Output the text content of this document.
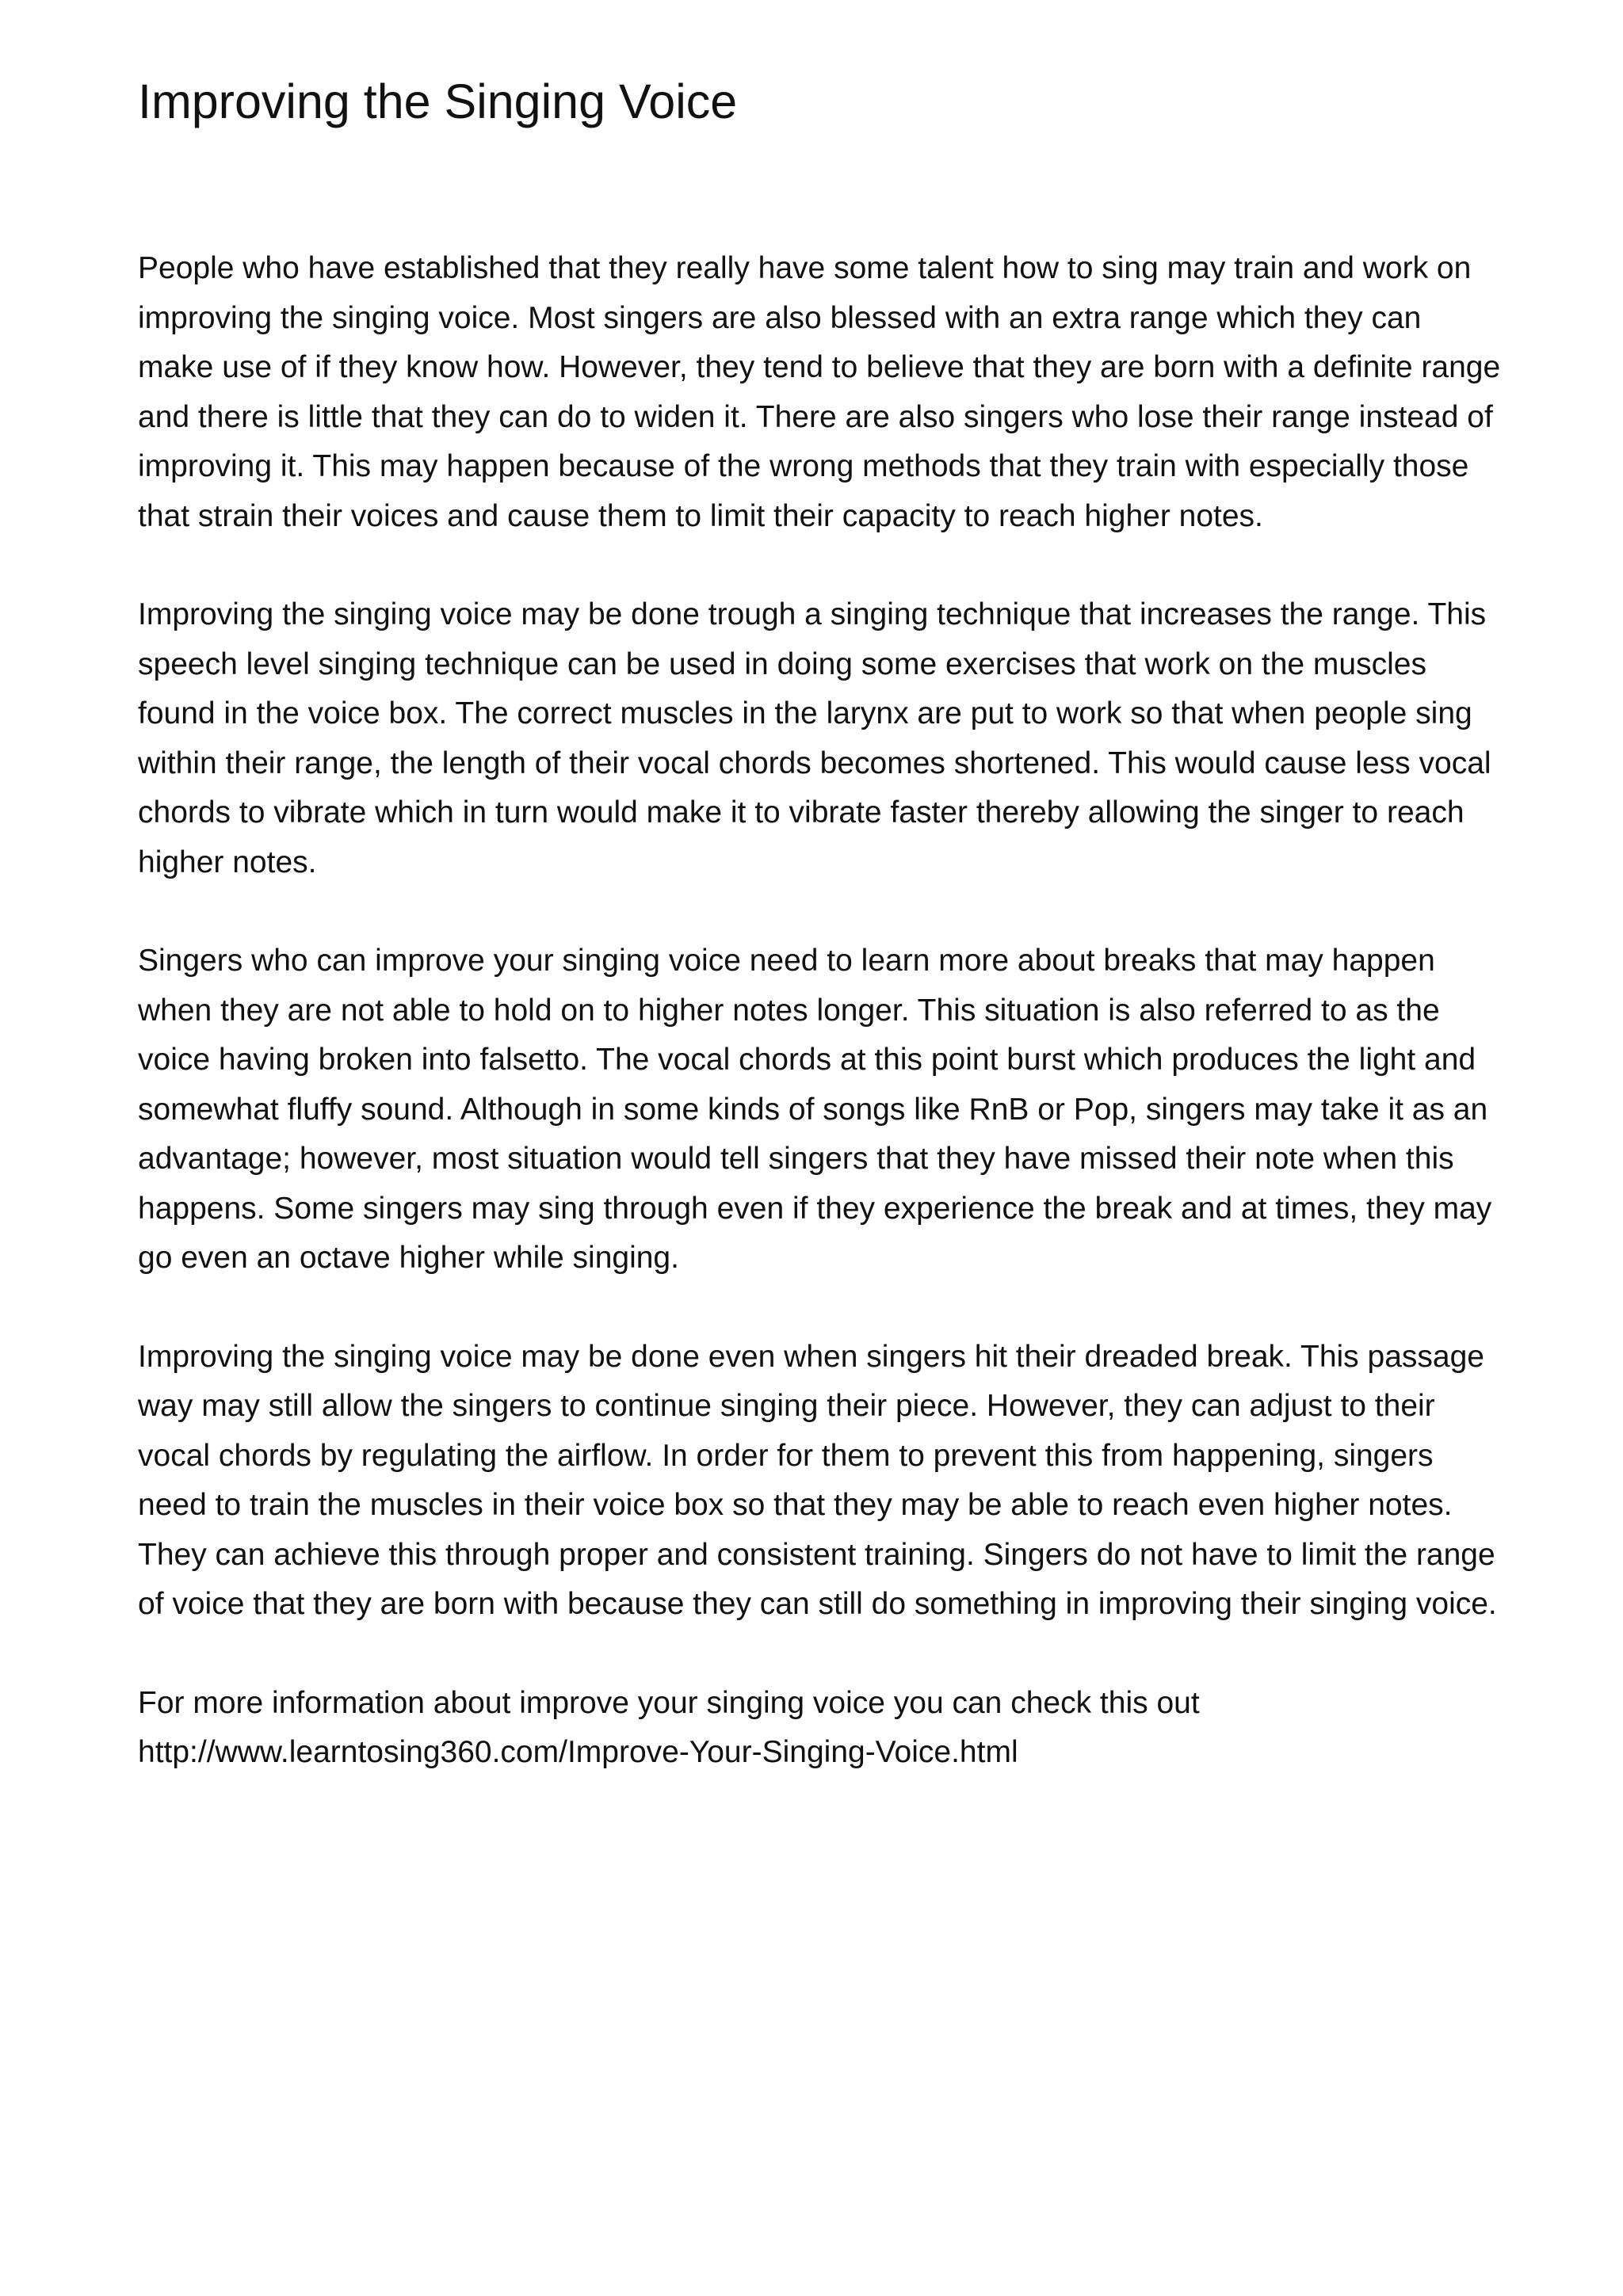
Improving the Singing Voice

People who have established that they really have some talent how to sing may train and work on improving the singing voice. Most singers are also blessed with an extra range which they can make use of if they know how. However, they tend to believe that they are born with a definite range and there is little that they can do to widen it. There are also singers who lose their range instead of improving it. This may happen because of the wrong methods that they train with especially those that strain their voices and cause them to limit their capacity to reach higher notes.

Improving the singing voice may be done trough a singing technique that increases the range. This speech level singing technique can be used in doing some exercises that work on the muscles found in the voice box. The correct muscles in the larynx are put to work so that when people sing within their range, the length of their vocal chords becomes shortened. This would cause less vocal chords to vibrate which in turn would make it to vibrate faster thereby allowing the singer to reach higher notes.

Singers who can improve your singing voice need to learn more about breaks that may happen when they are not able to hold on to higher notes longer. This situation is also referred to as the voice having broken into falsetto. The vocal chords at this point burst which produces the light and somewhat fluffy sound. Although in some kinds of songs like RnB or Pop, singers may take it as an advantage; however, most situation would tell singers that they have missed their note when this happens. Some singers may sing through even if they experience the break and at times, they may go even an octave higher while singing.

Improving the singing voice may be done even when singers hit their dreaded break. This passage way may still allow the singers to continue singing their piece. However, they can adjust to their vocal chords by regulating the airflow. In order for them to prevent this from happening, singers need to train the muscles in their voice box so that they may be able to reach even higher notes. They can achieve this through proper and consistent training. Singers do not have to limit the range of voice that they are born with because they can still do something in improving their singing voice.

For more information about improve your singing voice you can check this out
http://www.learntosing360.com/Improve-Your-Singing-Voice.html
